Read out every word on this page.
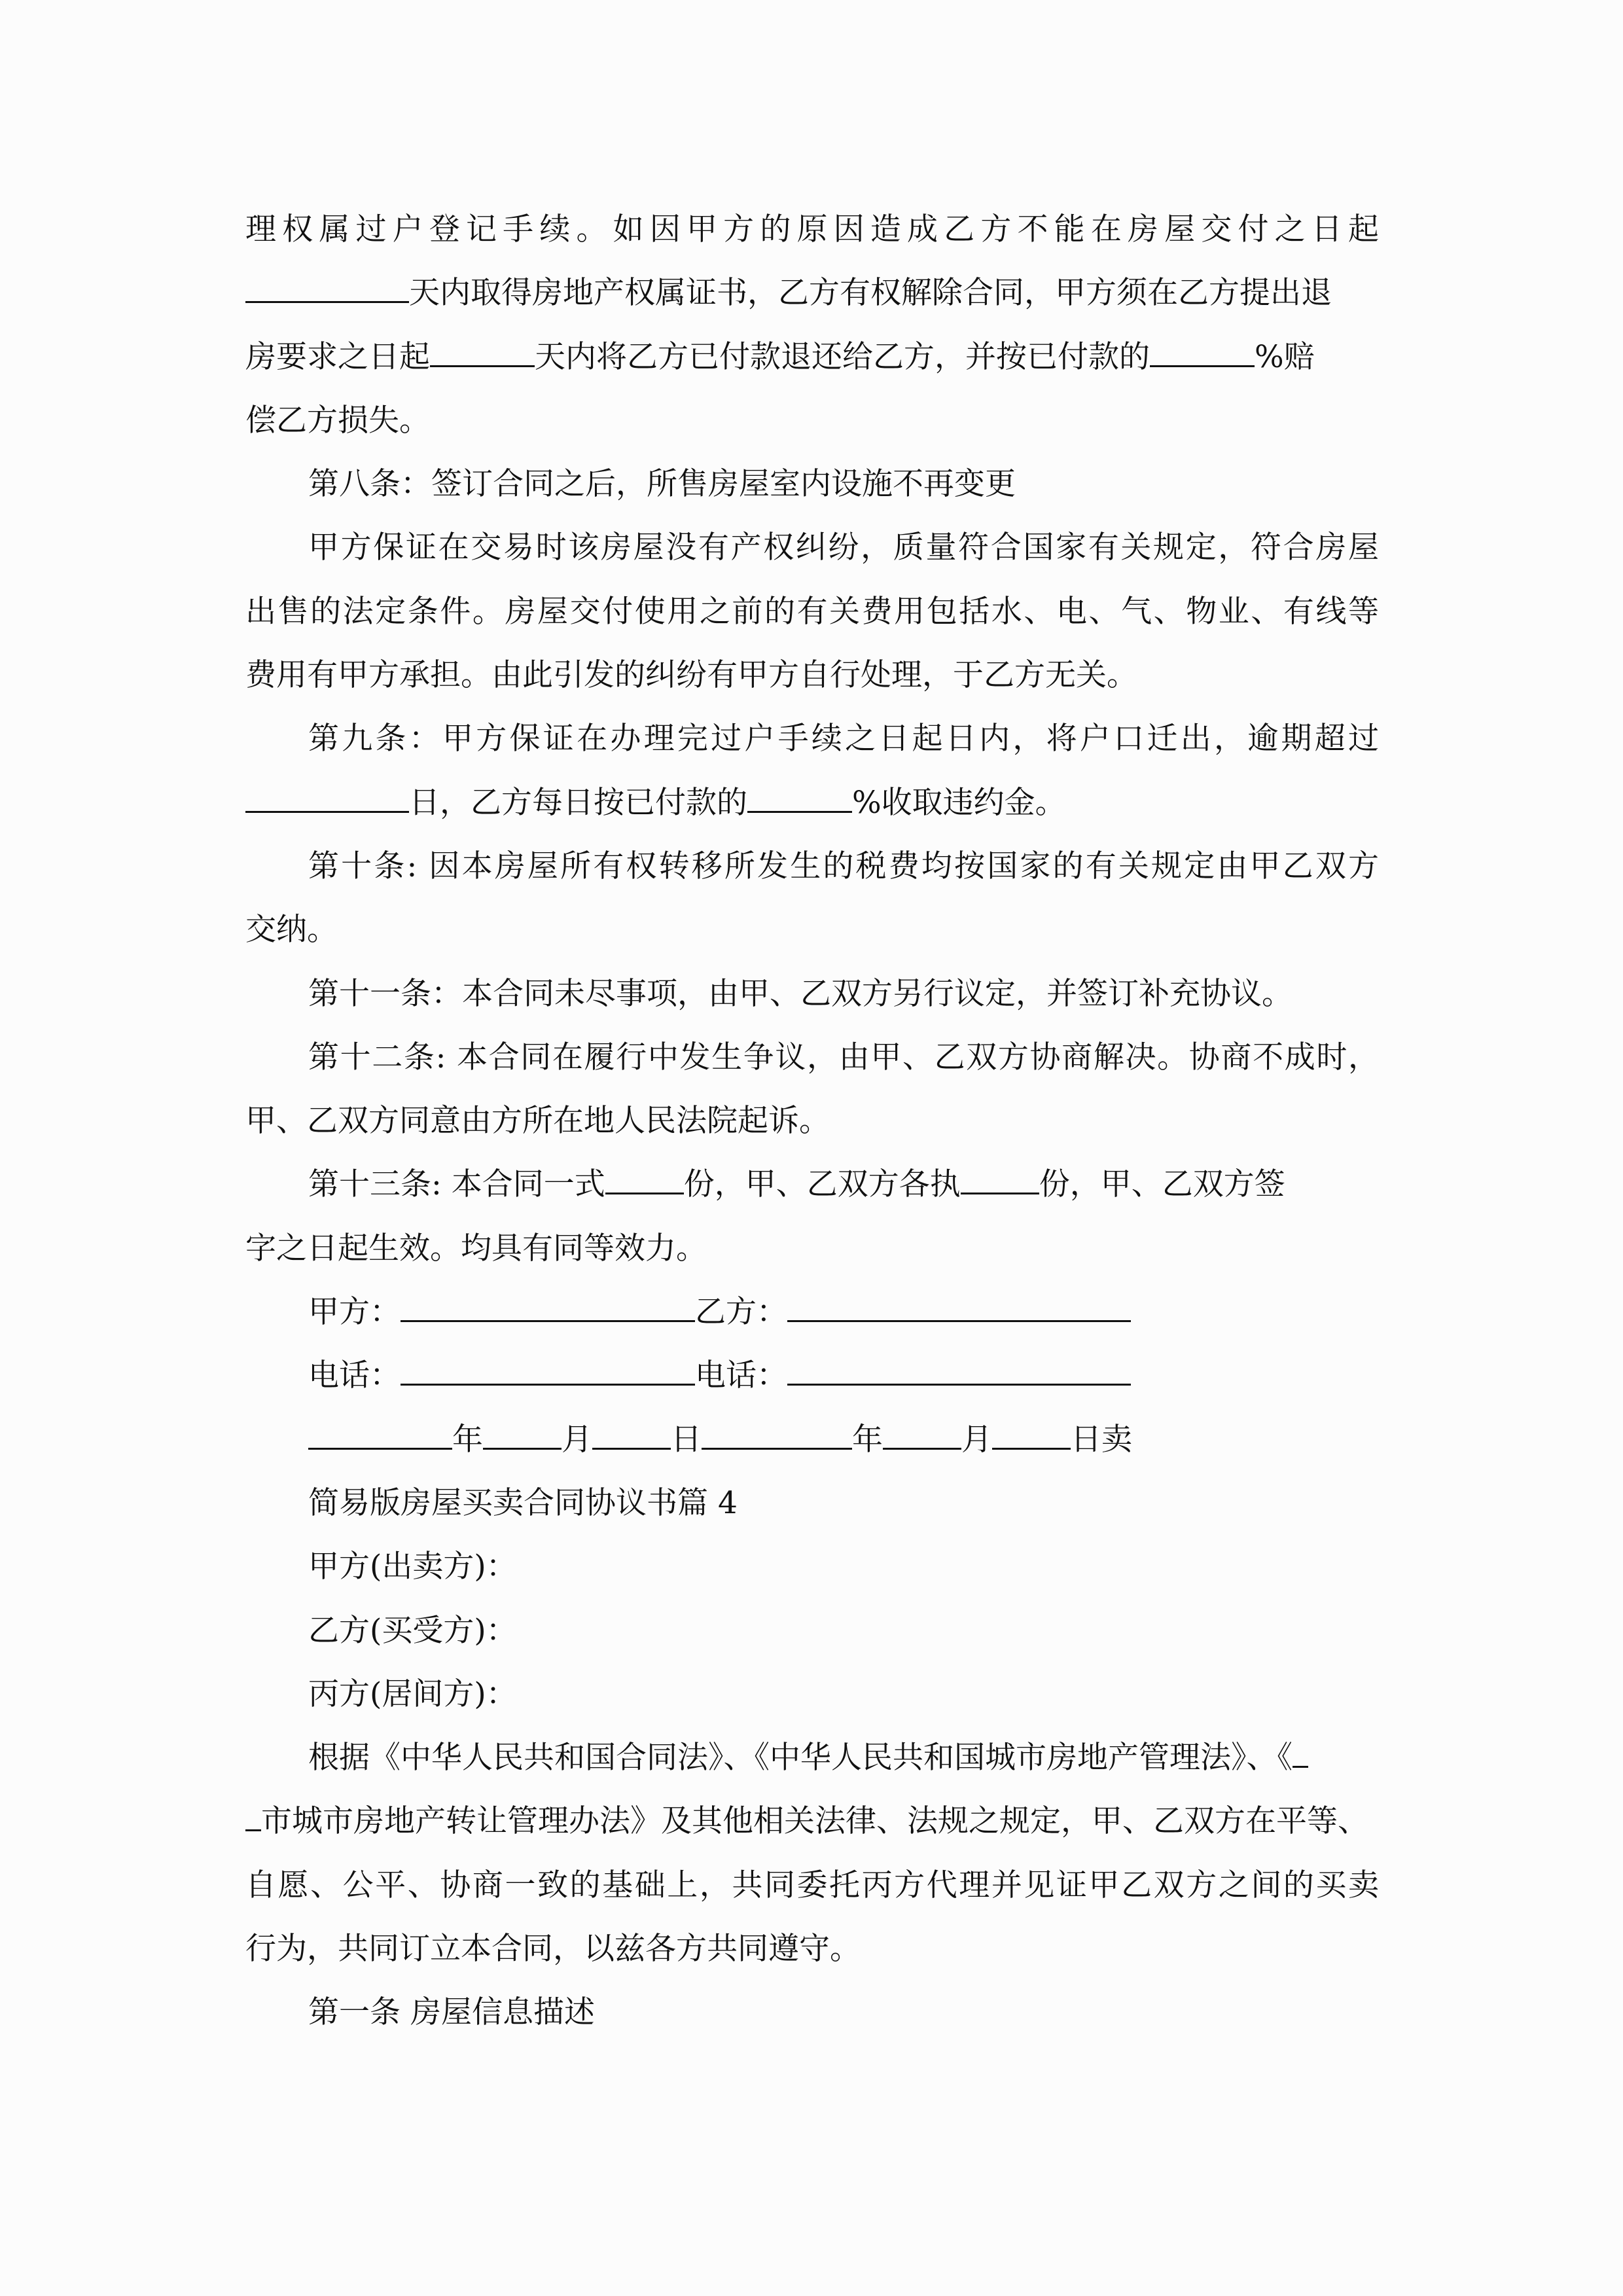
理权属过户登记手续。如因甲方的原因造成乙方不能在房屋交付之日起
天内取得房地产权属证书，乙方有权解除合同，甲方须在乙方提出退
房要求之日起	天内将乙方已付款退还给乙方，并按已付款的	%赔
偿乙方损失。
第八条：签订合同之后，所售房屋室内设施不再变更
甲方保证在交易时该房屋没有产权纠纷，质量符合国家有关规定，符合房屋
出售的法定条件。房屋交付使用之前的有关费用包括水、电、气、物业、有线等
费用有甲方承担。由此引发的纠纷有甲方自行处理，于乙方无关。
第九条：甲方保证在办理完过户手续之日起日内，将户口迁出，逾期超过
日，乙方每日按已付款的	%收取违约金。
第十条: 因本房屋所有权转移所发生的税费均按国家的有关规定由甲乙双方
交纳。
第十一条：本合同未尽事项，由甲、乙双方另行议定，并签订补充协议。
第十二条: 本合同在履行中发生争议，由甲、乙双方协商解决。协商不成时，
甲、乙双方同意由方所在地人民法院起诉。
第十三条: 本合同一式	份，甲、乙双方各执	份，甲、乙双方签
字之日起生效。均具有同等效力。
甲方：	乙方：
电话：	电话：
年	月	日	年	月	日卖
简易版房屋买卖合同协议书篇 4
甲方(出卖方)：
乙方(买受方)：
丙方(居间方)：
根据《中华人民共和国合同法》、《中华人民共和国城市房地产管理法》、《
市城市房地产转让管理办法》及其他相关法律、法规之规定，甲、乙双方在平等、
自愿、公平、协商一致的基础上，共同委托丙方代理并见证甲乙双方之间的买卖
行为，共同订立本合同，以兹各方共同遵守。
第一条 房屋信息描述
